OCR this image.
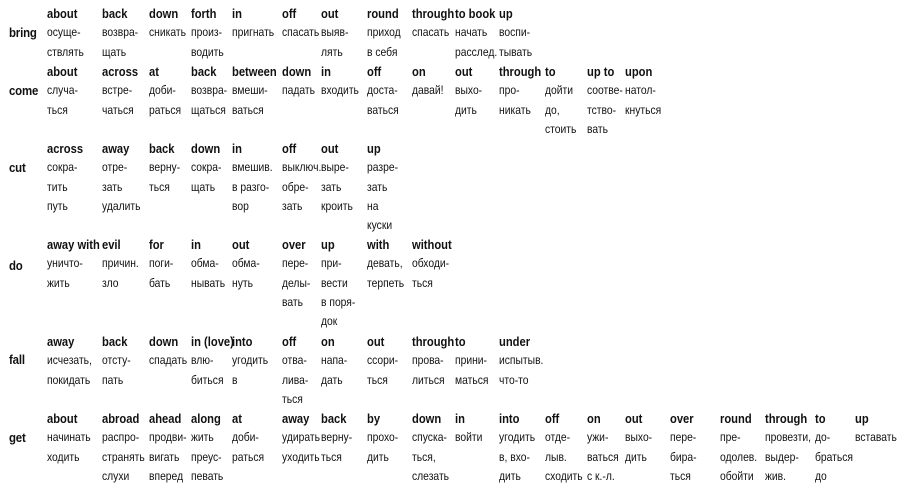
bring
about
осуще-
ствлять
back
возвра-
щать
down
сникать
forth
произ-
водить
in
пригнать
off
спасать
out
выяв-
лять
round
приход
в себя
through
спасать
to book
начать
расслед.
up
воспи-
тывать
come
about
случа-
ться
across
встре-
чаться
at
доби-
раться
back
возвра-
щаться
between
вмеши-
ваться
down
падать
in
входить
off
доста-
ваться
on
давай!
out
выхо-
дить
through
про-
никать
to
дойти
до,
стоить
up to
соотве-
тство-
вать
upon
натол-
кнуться
cut
across
сокра-
тить
путь
away
отре-
зать
удалить
back
верну-
ться
down
сокра-
щать
in
вмешив.
в разго-
вор
off
выключ.
обре-
зать
out
выре-
зать
кроить
up
разре-
зать
на
куски
do
away with
уничто-
жить
evil
причин.
зло
for
поги-
бать
in
обма-
нывать
out
обма-
нуть
over
пере-
делы-
вать
up
при-
вести
в поря-
док
with
девать,
терпеть
without
обходи-
ться
fall
away
исчезать,
покидать
back
отсту-
пать
down
спадать
in (love)
влю-
биться
into
угодить
в
off
отва-
лива-
ться
on
напа-
дать
out
ссори-
ться
through
прова-
литься
to
прини-
маться
under
испытыв.
что-то
get
about
начинать
ходить
abroad
распро-
странять
слухи
ahead
продви-
вигать
вперед
along
жить
преус-
певать
at
доби-
раться
away
удирать
уходить
back
верну-
ться
by
прохо-
дить
down
спуска-
ться,
слезать
in
войти
into
угодить
в, вхо-
дить
off
отде-
лыв.
сходить
on
ужи-
ваться
с к.-л.
out
выхо-
дить
over
пере-
бира-
ться
round
пре-
одолев.
обойти
through
провезти,
выдер-
жив.
to
до-
браться
до
up
вставать
